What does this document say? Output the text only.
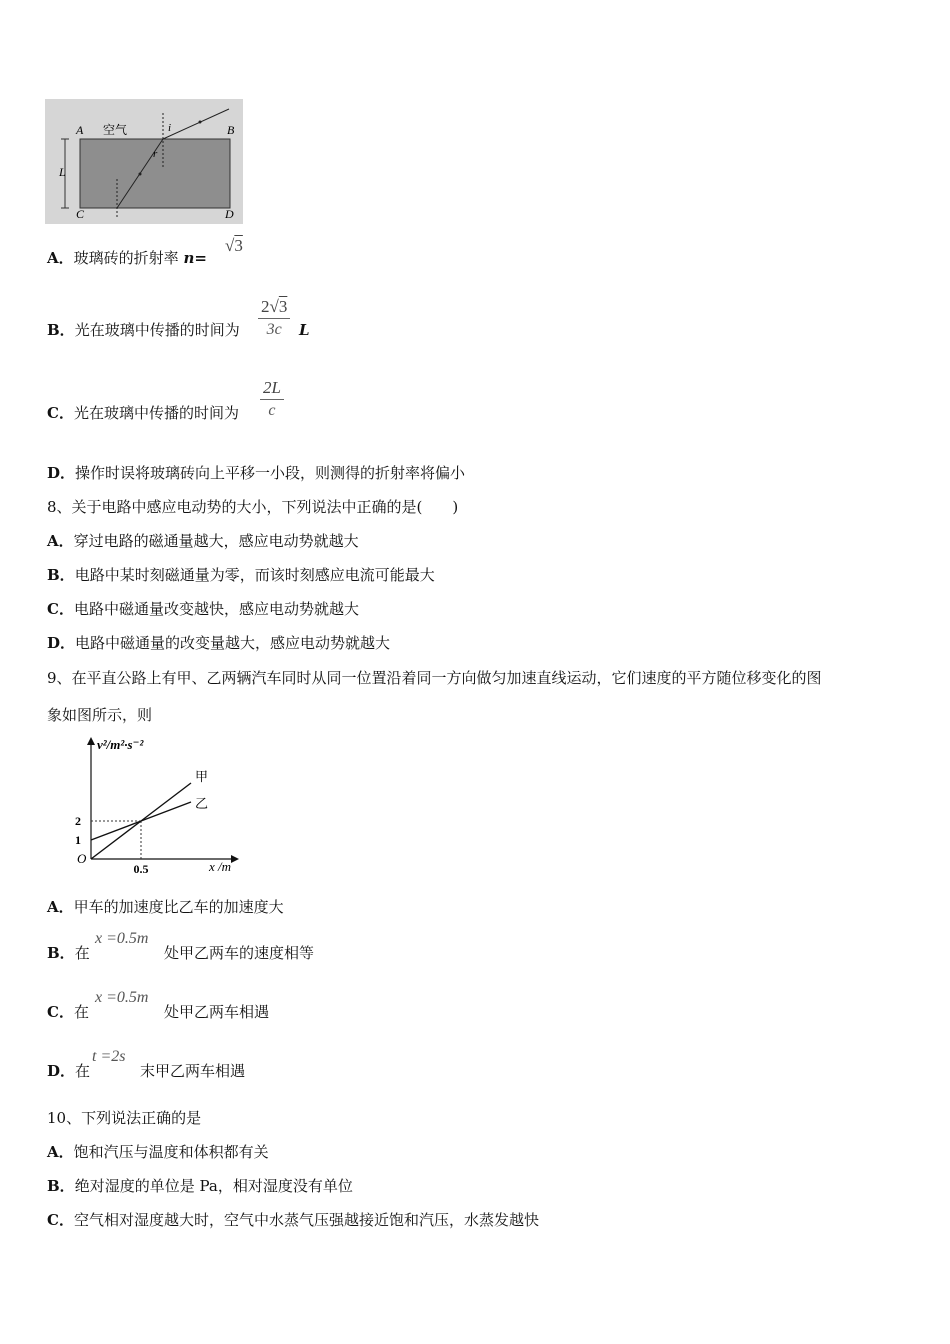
A	B
C	D
L
空气	i
r
A．玻璃砖的折射率 n=
√3
B．光在玻璃中传播的时间为 $\frac{2√3}{3c}$ L
C．光在玻璃中传播的时间为 $\frac{2L}{c}$
D．操作时误将玻璃砖向上平移一小段，则测得的折射率将偏小
8、关于电路中感应电动势的大小，下列说法中正确的是(　　)
A．穿过电路的磁通量越大，感应电动势就越大
B．电路中某时刻磁通量为零，而该时刻感应电流可能最大
C．电路中磁通量改变越快，感应电动势就越大
D．电路中磁通量的改变量越大，感应电动势就越大
9、在平直公路上有甲、乙两辆汽车同时从同一位置沿着同一方向做匀加速直线运动，它们速度的平方随位移变化的图
象如图所示，则
甲
乙
1
2
0.5
v²/m²·s⁻²
x /m
O
A．甲车的加速度比乙车的加速度大
B．在
x =0.5m
处甲乙两车的速度相等
C．在
x =0.5m
处甲乙两车相遇
D．在
t =2s
末甲乙两车相遇
10、下列说法正确的是
A．饱和汽压与温度和体积都有关
B．绝对湿度的单位是 Pa，相对湿度没有单位
C．空气相对湿度越大时，空气中水蒸气压强越接近饱和汽压，水蒸发越快
